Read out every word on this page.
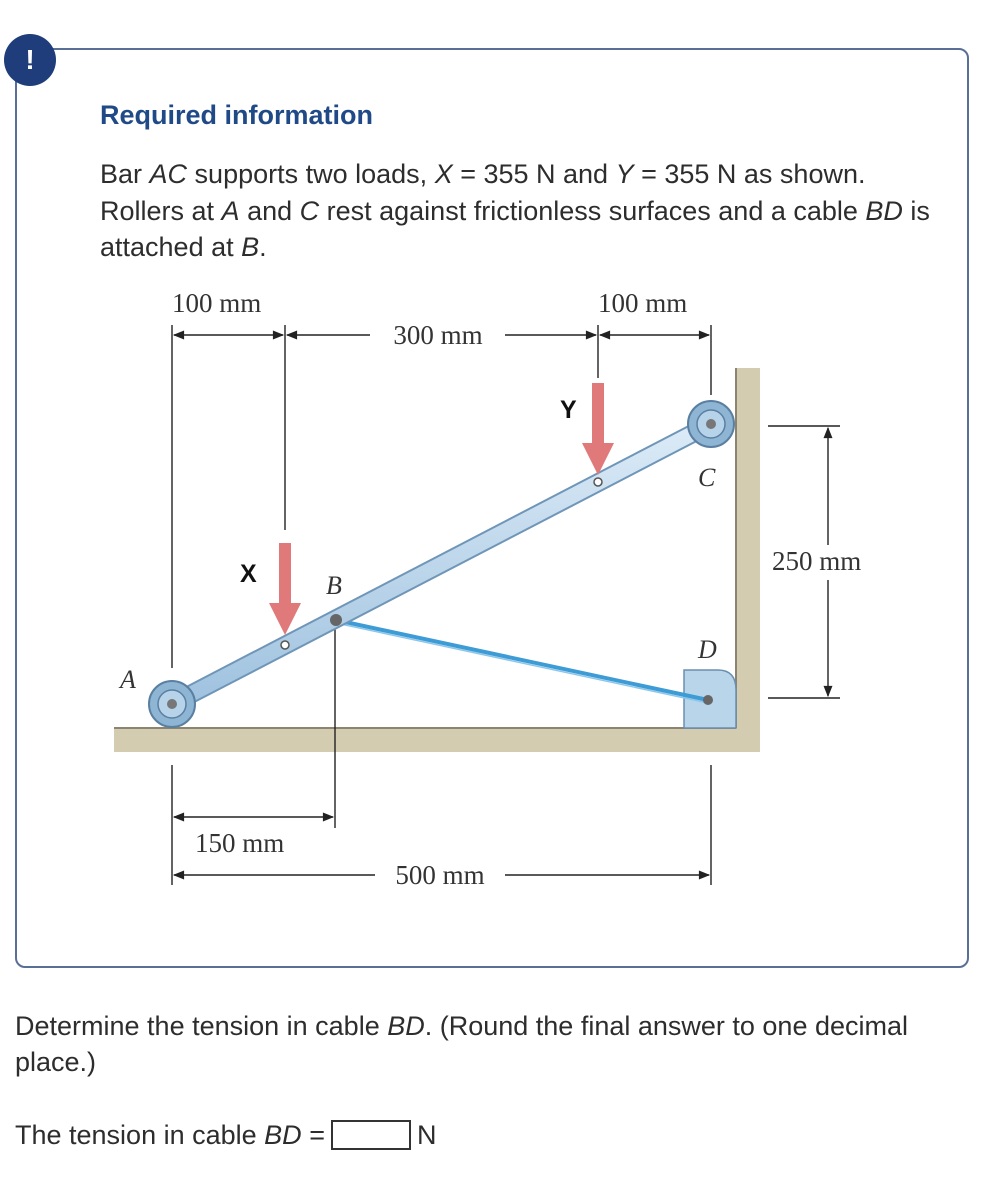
!
Required information

Bar AC supports two loads, X = 355 N and Y = 355 N as shown. Rollers at A and C rest against frictionless surfaces and a cable BD is attached at B.

100 mm
300 mm
100 mm
250 mm
150 mm
500 mm
X
Y
A
B
C
D

Determine the tension in cable BD. (Round the final answer to one decimal place.)

The tension in cable BD =	N
